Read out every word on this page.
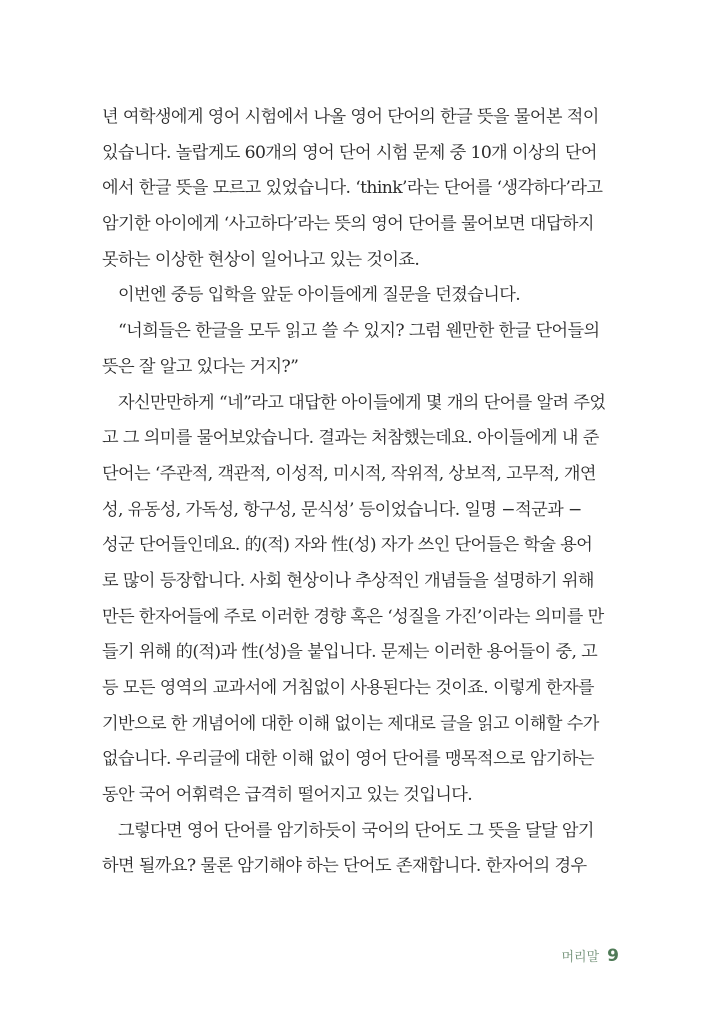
년 여학생에게 영어 시험에서 나올 영어 단어의 한글 뜻을 물어본 적이
있습니다. 놀랍게도 60개의 영어 단어 시험 문제 중 10개 이상의 단어
에서 한글 뜻을 모르고 있었습니다. ‘think’라는 단어를 ‘생각하다’라고
암기한 아이에게 ‘사고하다’라는 뜻의 영어 단어를 물어보면 대답하지
못하는 이상한 현상이 일어나고 있는 것이죠.
이번엔 중등 입학을 앞둔 아이들에게 질문을 던졌습니다.
“너희들은 한글을 모두 읽고 쓸 수 있지? 그럼 웬만한 한글 단어들의
뜻은 잘 알고 있다는 거지?”
자신만만하게 “네”라고 대답한 아이들에게 몇 개의 단어를 알려 주었
고 그 의미를 물어보았습니다. 결과는 처참했는데요. 아이들에게 내 준
단어는 ‘주관적, 객관적, 이성적, 미시적, 작위적, 상보적, 고무적, 개연
성, 유동성, 가독성, 항구성, 문식성’ 등이었습니다. 일명 −적군과 −
성군 단어들인데요. 的(적) 자와 性(성) 자가 쓰인 단어들은 학술 용어
로 많이 등장합니다. 사회 현상이나 추상적인 개념들을 설명하기 위해
만든 한자어들에 주로 이러한 경향 혹은 ‘성질을 가진’이라는 의미를 만
들기 위해 的(적)과 性(성)을 붙입니다. 문제는 이러한 용어들이 중, 고
등 모든 영역의 교과서에 거침없이 사용된다는 것이죠. 이렇게 한자를
기반으로 한 개념어에 대한 이해 없이는 제대로 글을 읽고 이해할 수가
없습니다. 우리글에 대한 이해 없이 영어 단어를 맹목적으로 암기하는
동안 국어 어휘력은 급격히 떨어지고 있는 것입니다.
그렇다면 영어 단어를 암기하듯이 국어의 단어도 그 뜻을 달달 암기
하면 될까요? 물론 암기해야 하는 단어도 존재합니다. 한자어의 경우
머리말 9
